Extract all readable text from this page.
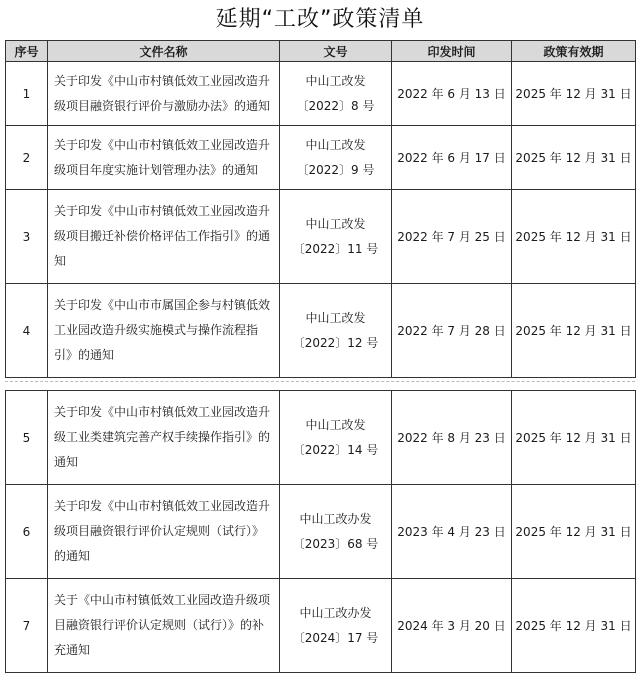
延期“工改”政策清单
序号	文件名称	文号	印发时间	政策有效期
1	关于印发《中山市村镇低效工业园改造升级项目融资银行评价与激励办法》的通知	中山工改发〔2022〕8 号	2022 年 6 月 13 日	2025 年 12 月 31 日
2	关于印发《中山市村镇低效工业园改造升级项目年度实施计划管理办法》的通知	中山工改发〔2022〕9 号	2022 年 6 月 17 日	2025 年 12 月 31 日
3	关于印发《中山市村镇低效工业园改造升级项目搬迁补偿价格评估工作指引》的通知	中山工改发〔2022〕11 号	2022 年 7 月 25 日	2025 年 12 月 31 日
4	关于印发《中山市市属国企参与村镇低效工业园改造升级实施模式与操作流程指引》的通知	中山工改发〔2022〕12 号	2022 年 7 月 28 日	2025 年 12 月 31 日
5	关于印发《中山市村镇低效工业园改造升级工业类建筑完善产权手续操作指引》的通知	中山工改发〔2022〕14 号	2022 年 8 月 23 日	2025 年 12 月 31 日
6	关于印发《中山市村镇低效工业园改造升级项目融资银行评价认定规则（试行）》的通知	中山工改办发〔2023〕68 号	2023 年 4 月 23 日	2025 年 12 月 31 日
7	关于《中山市村镇低效工业园改造升级项目融资银行评价认定规则（试行）》的补充通知	中山工改办发〔2024〕17 号	2024 年 3 月 20 日	2025 年 12 月 31 日
